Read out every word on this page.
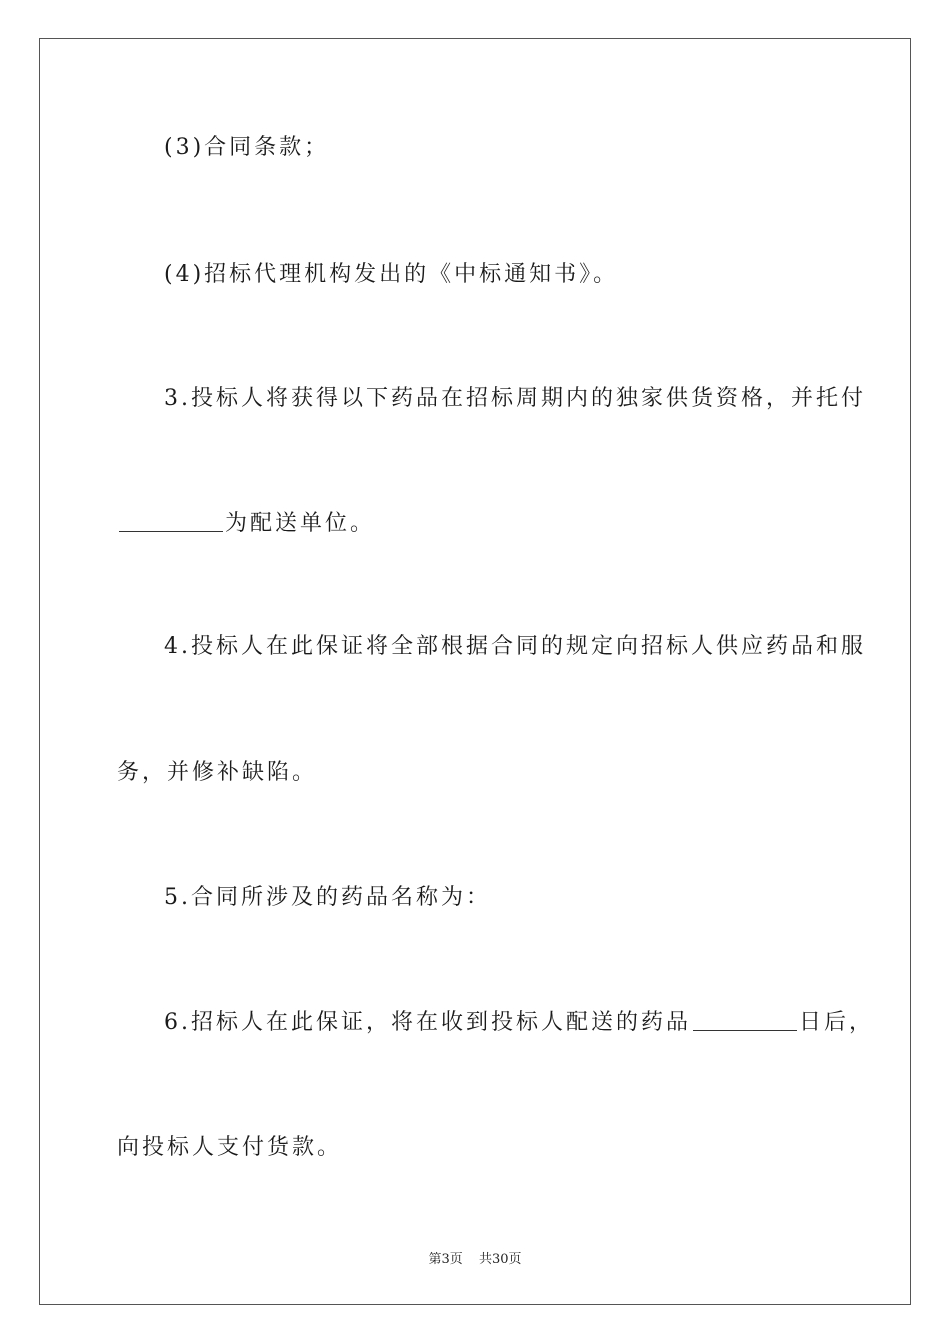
(3)合同条款；
(4)招标代理机构发出的《中标通知书》。
3.投标人将获得以下药品在招标周期内的独家供货资格，并托付
为配送单位。
4.投标人在此保证将全部根据合同的规定向招标人供应药品和服
务，并修补缺陷。
5.合同所涉及的药品名称为：
6.招标人在此保证，将在收到投标人配送的药品	日后，
向投标人支付货款。
第3页 共30页
